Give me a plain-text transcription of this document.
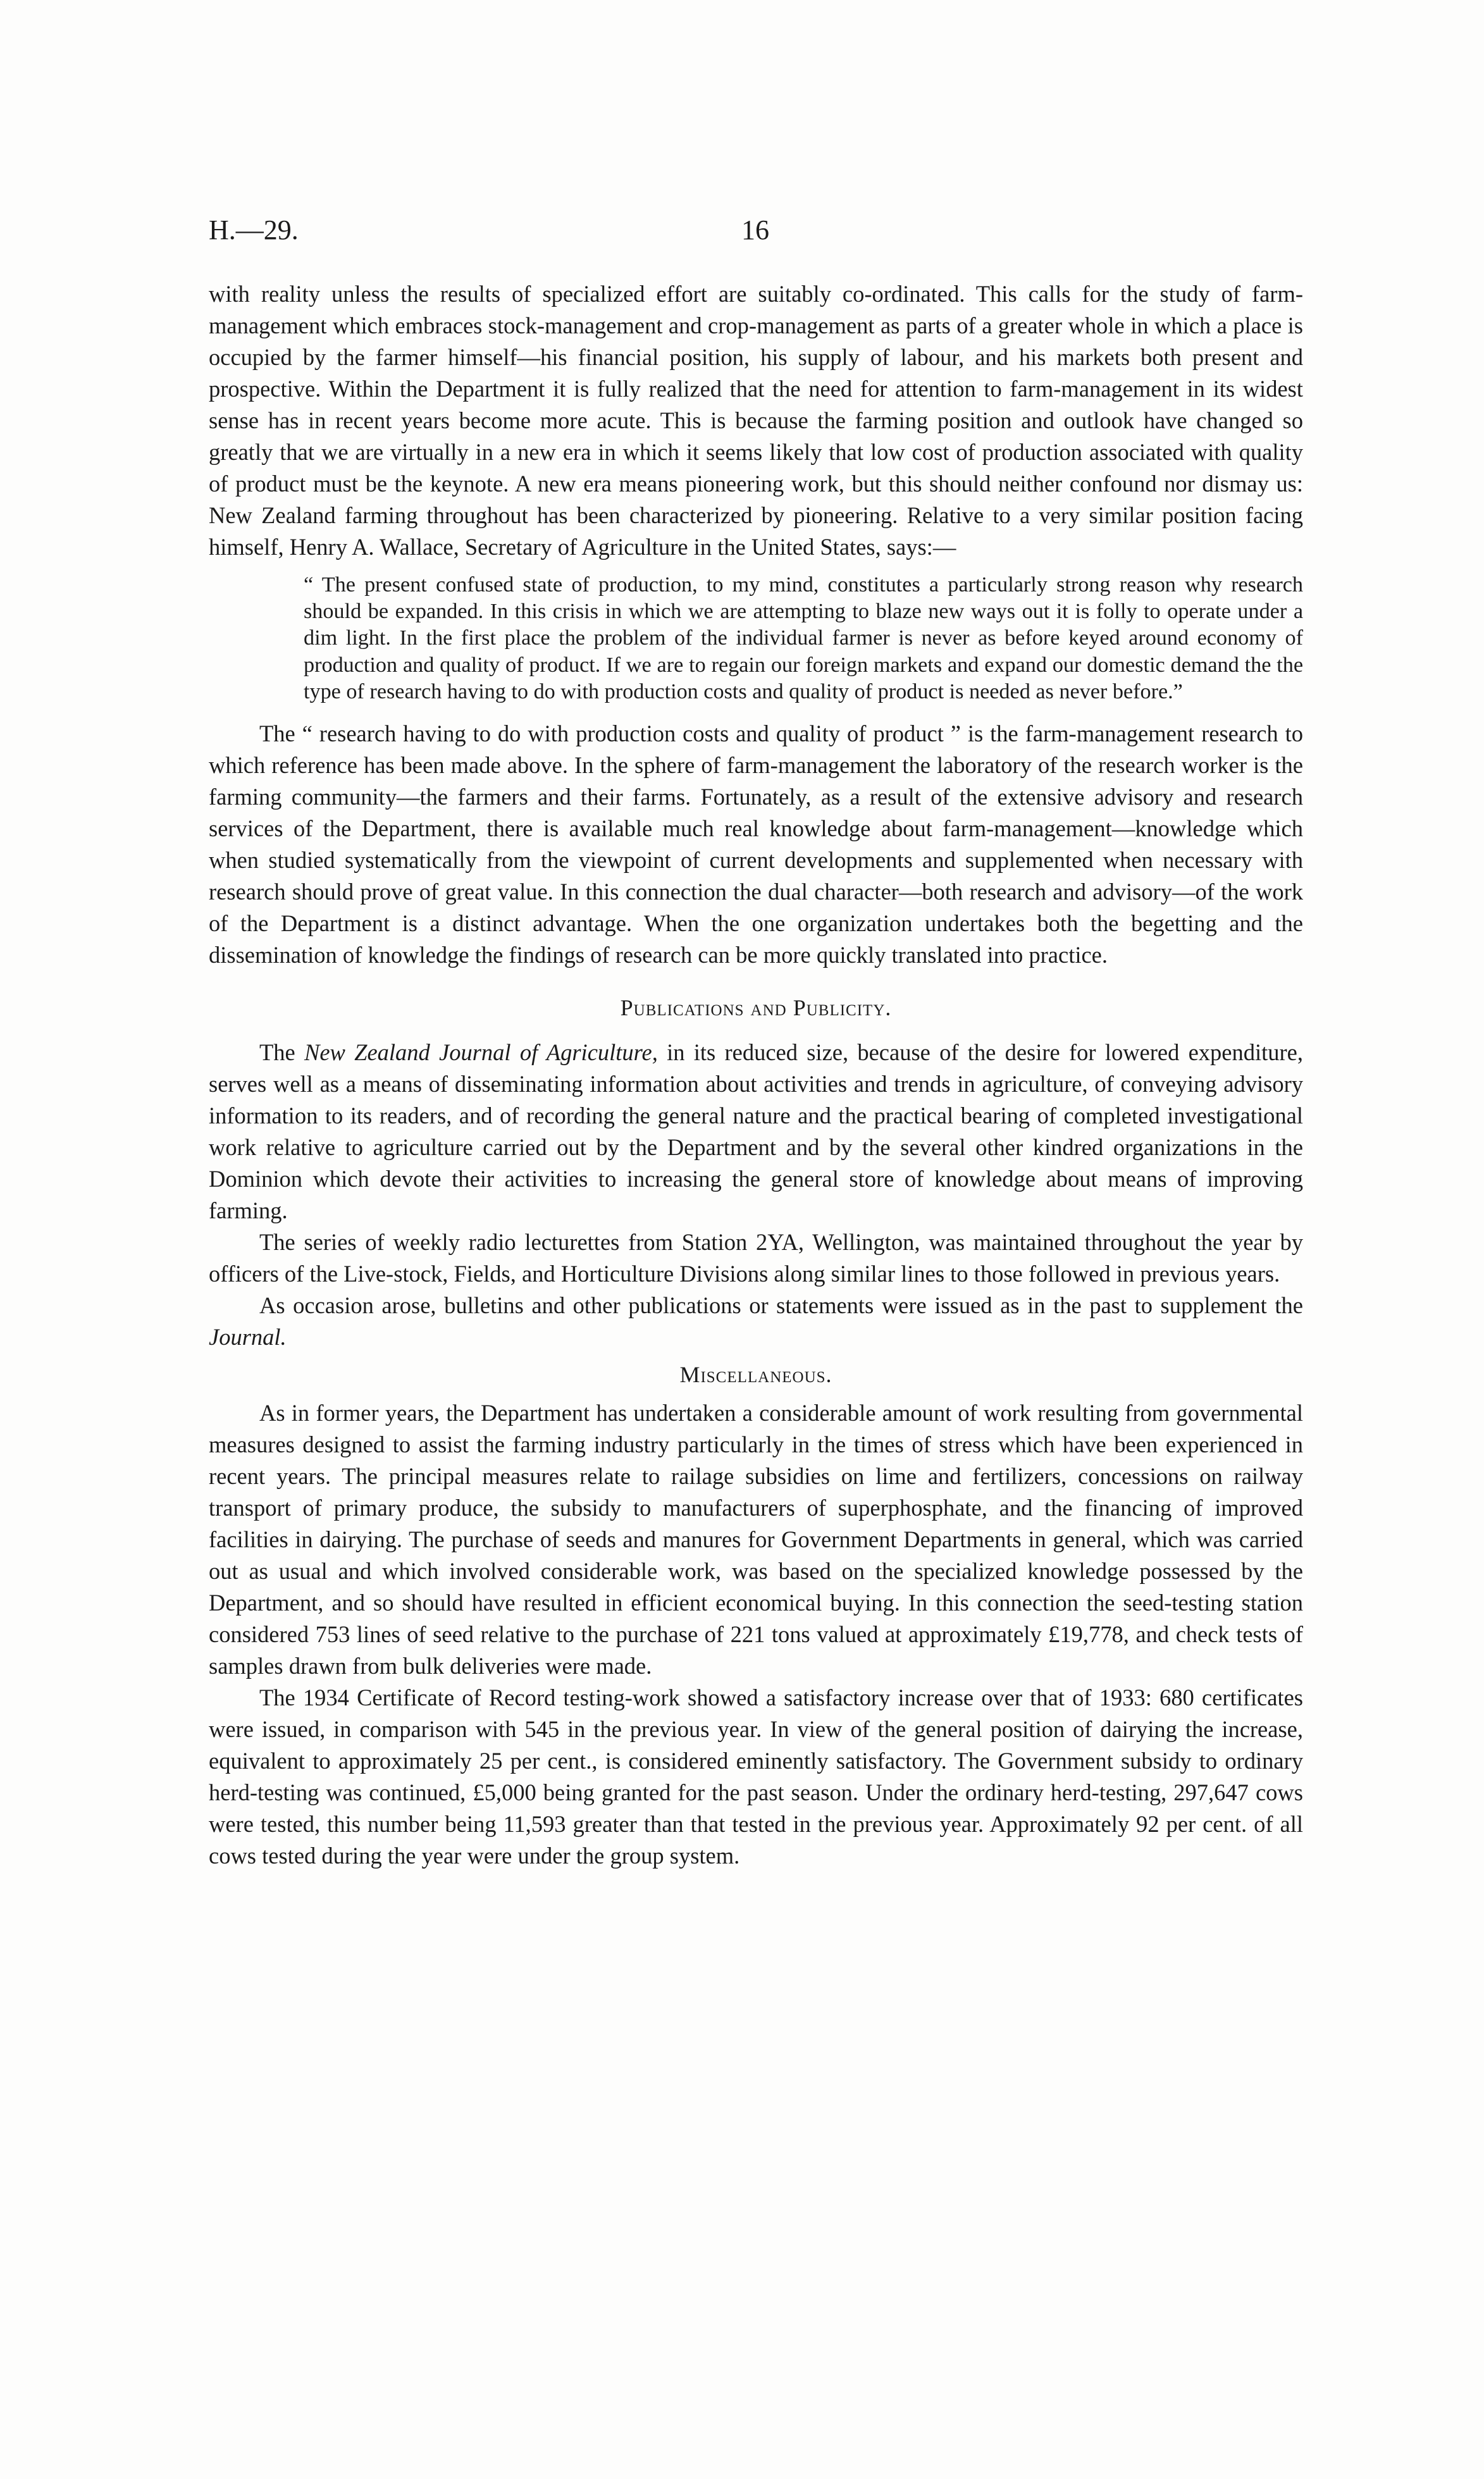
H.—29.	16

with reality unless the results of specialized effort are suitably co-ordinated. This calls for the study of farm-management which embraces stock-management and crop-management as parts of a greater whole in which a place is occupied by the farmer himself—his financial position, his supply of labour, and his markets both present and prospective. Within the Department it is fully realized that the need for attention to farm-management in its widest sense has in recent years become more acute. This is because the farming position and outlook have changed so greatly that we are virtually in a new era in which it seems likely that low cost of production associated with quality of product must be the keynote. A new era means pioneering work, but this should neither confound nor dismay us: New Zealand farming throughout has been characterized by pioneering. Relative to a very similar position facing himself, Henry A. Wallace, Secretary of Agriculture in the United States, says:—

“ The present confused state of production, to my mind, constitutes a particularly strong reason why research should be expanded. In this crisis in which we are attempting to blaze new ways out it is folly to operate under a dim light. In the first place the problem of the individual farmer is never as before keyed around economy of production and quality of product. If we are to regain our foreign markets and expand our domestic demand the the type of research having to do with production costs and quality of product is needed as never before.”

The “ research having to do with production costs and quality of product ” is the farm-management research to which reference has been made above. In the sphere of farm-management the laboratory of the research worker is the farming community—the farmers and their farms. Fortunately, as a result of the extensive advisory and research services of the Department, there is available much real knowledge about farm-management—knowledge which when studied systematically from the viewpoint of current developments and supplemented when necessary with research should prove of great value. In this connection the dual character—both research and advisory—of the work of the Department is a distinct advantage. When the one organization undertakes both the begetting and the dissemination of knowledge the findings of research can be more quickly translated into practice.

Publications and Publicity.

The New Zealand Journal of Agriculture, in its reduced size, because of the desire for lowered expenditure, serves well as a means of disseminating information about activities and trends in agriculture, of conveying advisory information to its readers, and of recording the general nature and the practical bearing of completed investigational work relative to agriculture carried out by the Department and by the several other kindred organizations in the Dominion which devote their activities to increasing the general store of knowledge about means of improving farming.

The series of weekly radio lecturettes from Station 2YA, Wellington, was maintained throughout the year by officers of the Live-stock, Fields, and Horticulture Divisions along similar lines to those followed in previous years.

As occasion arose, bulletins and other publications or statements were issued as in the past to supplement the Journal.

Miscellaneous.

As in former years, the Department has undertaken a considerable amount of work resulting from governmental measures designed to assist the farming industry particularly in the times of stress which have been experienced in recent years. The principal measures relate to railage subsidies on lime and fertilizers, concessions on railway transport of primary produce, the subsidy to manufacturers of superphosphate, and the financing of improved facilities in dairying. The purchase of seeds and manures for Government Departments in general, which was carried out as usual and which involved considerable work, was based on the specialized knowledge possessed by the Department, and so should have resulted in efficient economical buying. In this connection the seed-testing station considered 753 lines of seed relative to the purchase of 221 tons valued at approximately £19,778, and check tests of samples drawn from bulk deliveries were made.

The 1934 Certificate of Record testing-work showed a satisfactory increase over that of 1933: 680 certificates were issued, in comparison with 545 in the previous year. In view of the general position of dairying the increase, equivalent to approximately 25 per cent., is considered eminently satisfactory. The Government subsidy to ordinary herd-testing was continued, £5,000 being granted for the past season. Under the ordinary herd-testing, 297,647 cows were tested, this number being 11,593 greater than that tested in the previous year. Approximately 92 per cent. of all cows tested during the year were under the group system.
